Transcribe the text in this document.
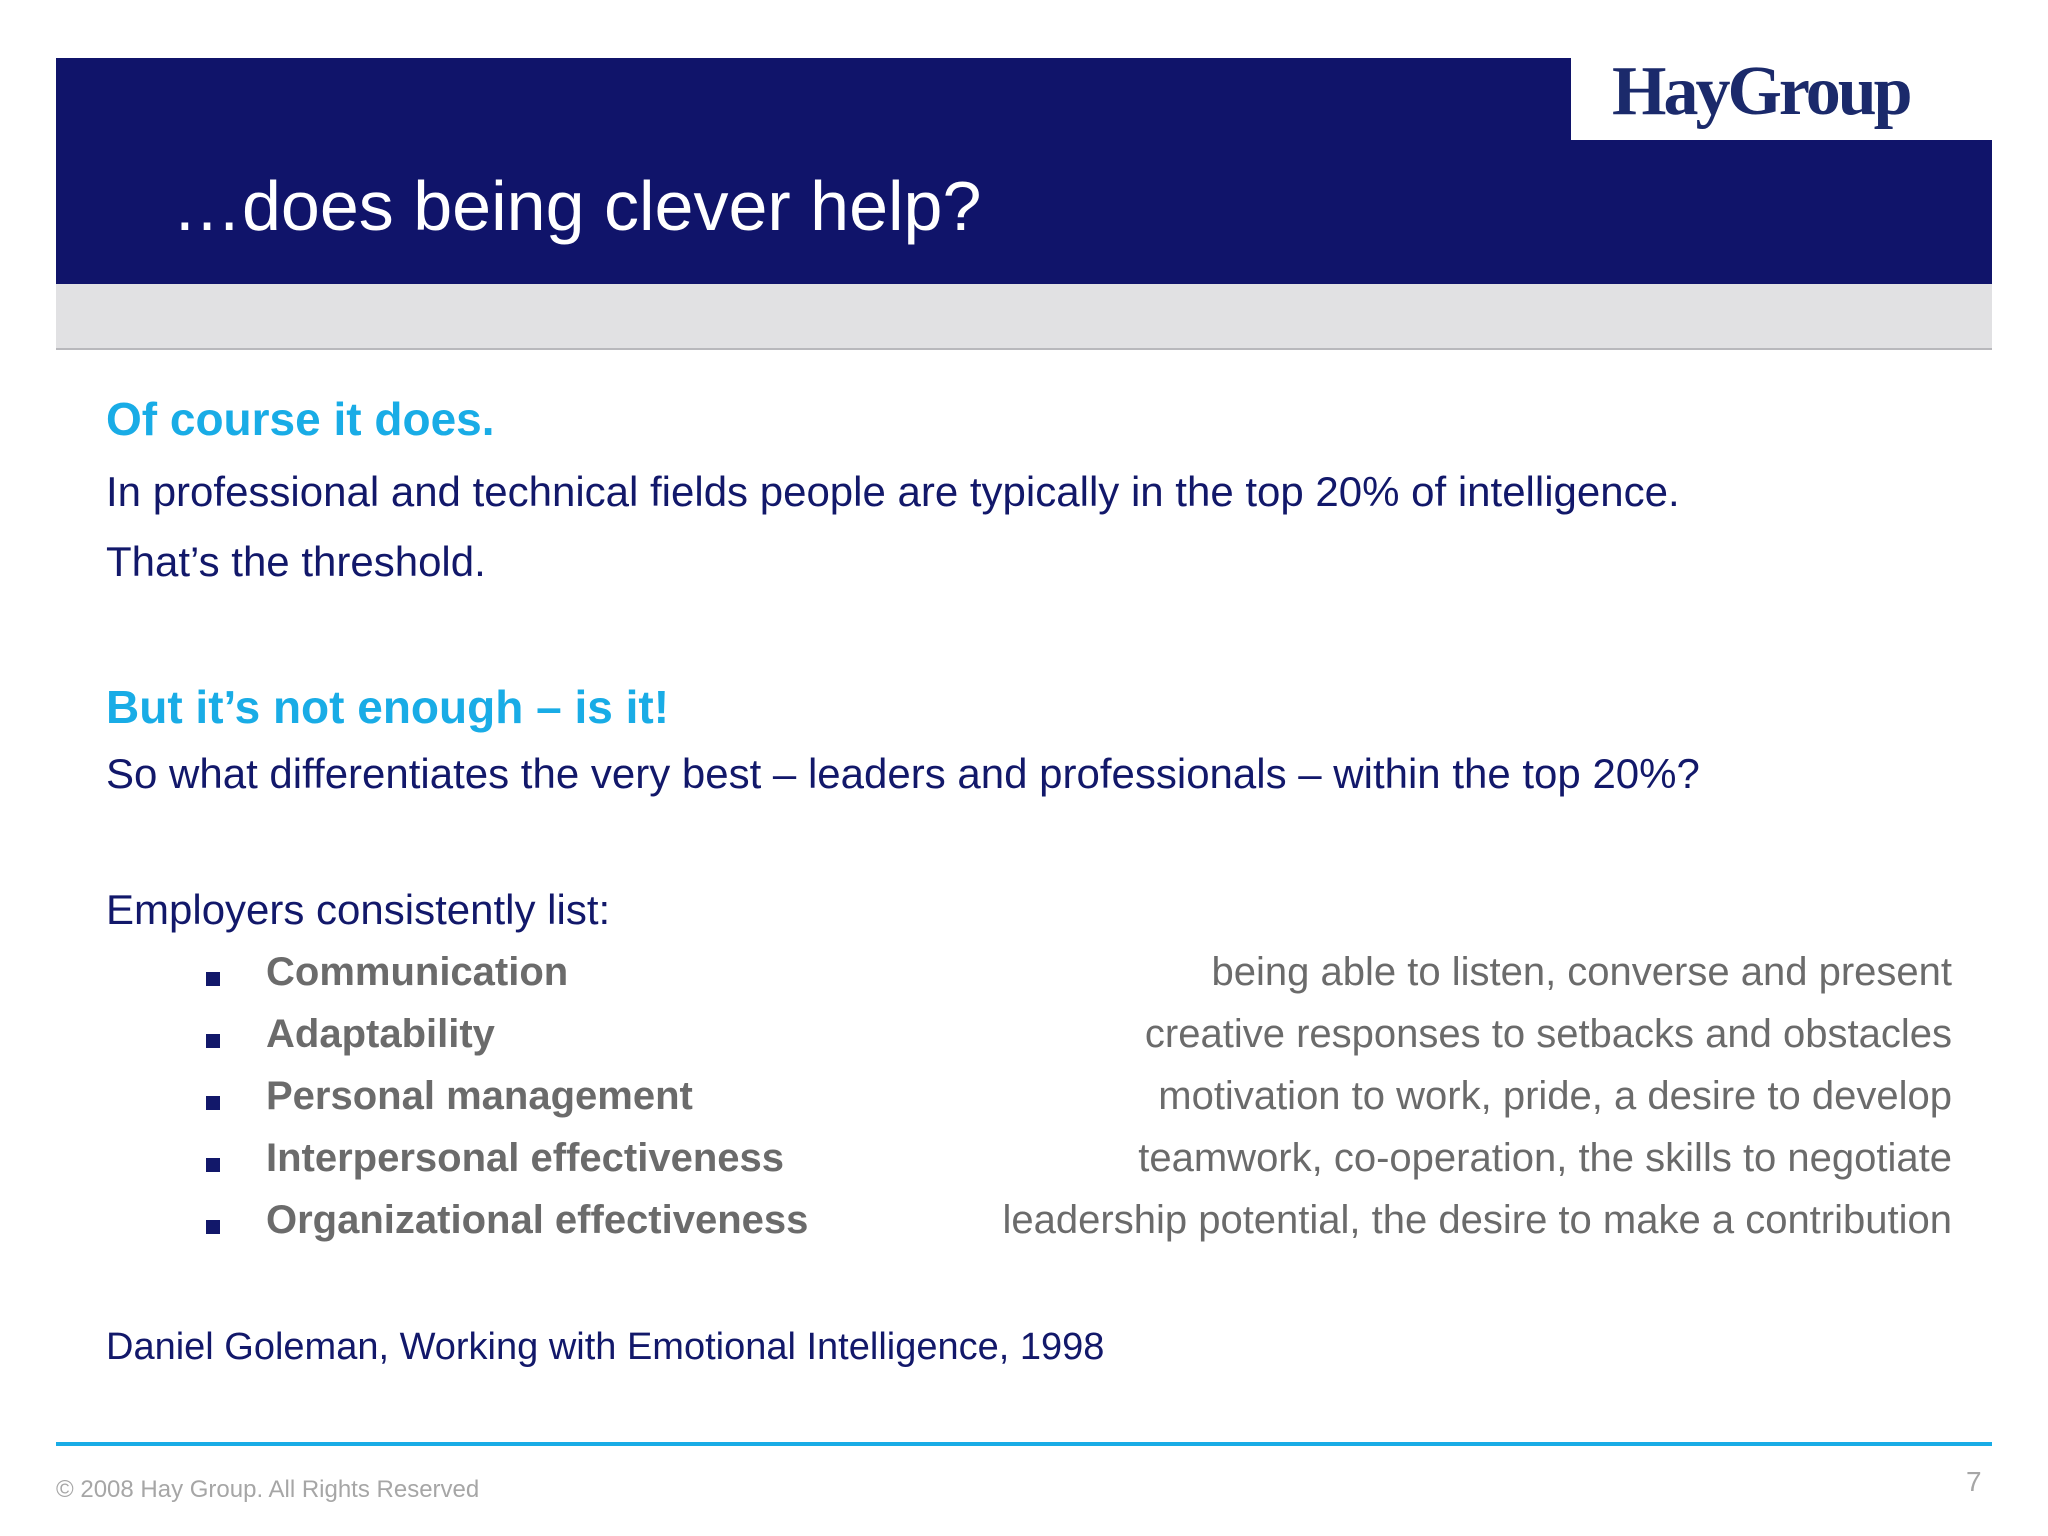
HayGroup
…does being clever help?
Of course it does.
In professional and technical fields people are typically in the top 20% of intelligence.
That’s the threshold.
But it’s not enough – is it!
So what differentiates the very best – leaders and professionals – within the top 20%?
Employers consistently list:
Communication	being able to listen, converse and present
Adaptability	creative responses to setbacks and obstacles
Personal management	motivation to work, pride, a desire to develop
Interpersonal effectiveness	teamwork, co-operation, the skills to negotiate
Organizational effectiveness	leadership potential, the desire to make a contribution
Daniel Goleman, Working with Emotional Intelligence, 1998
© 2008 Hay Group. All Rights Reserved	7
